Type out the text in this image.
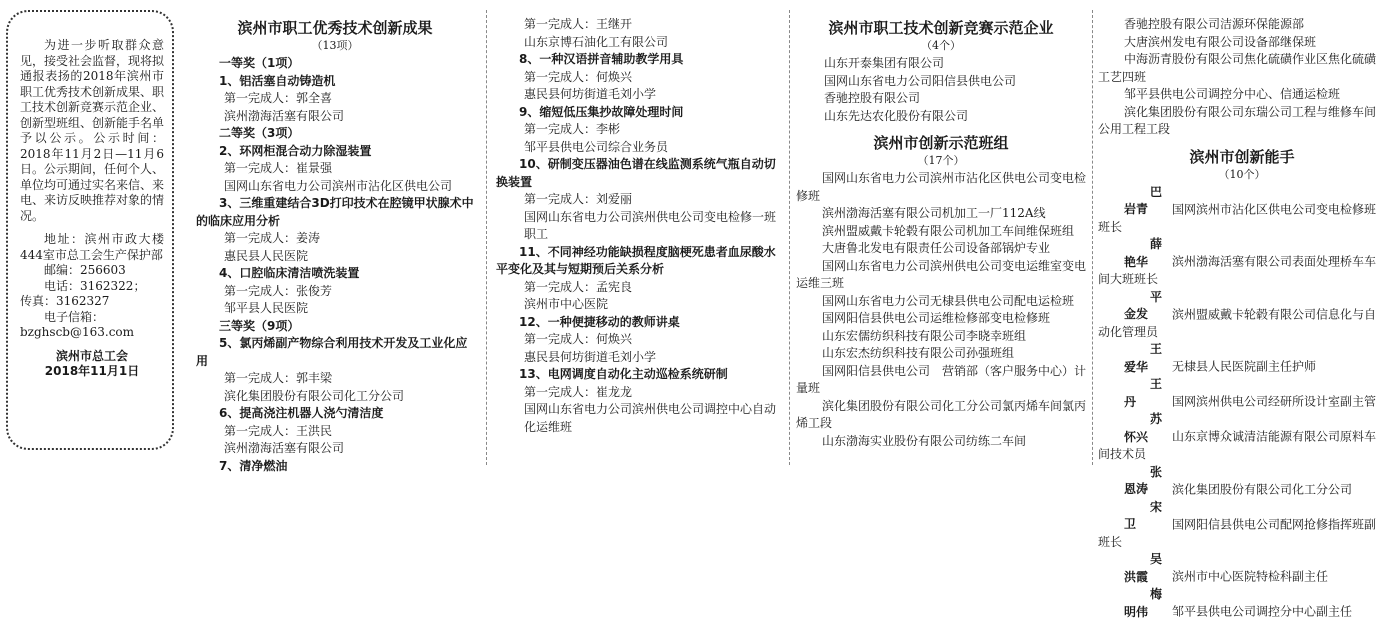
为进一步听取群众意见，接受社会监督，现将拟通报表扬的2018年滨州市职工优秀技术创新成果、职工技术创新竞赛示范企业、创新型班组、创新能手名单予以公示。公示时间：2018年11月2日—11月6日。公示期间，任何个人、单位均可通过实名来信、来电、来访反映推荐对象的情况。

地址：滨州市政大楼444室市总工会生产保护部

邮编：256603

电话：3162322；

传真：3162327

电子信箱：

bzghscb@163.com

滨州市总工会

2018年11月1日

滨州市职工优秀技术创新成果

（13项）

一等奖（1项）

1、铝活塞自动铸造机

第一完成人：郭全喜

滨州渤海活塞有限公司

二等奖（3项）

2、环网柜混合动力除湿装置

第一完成人：崔景强

国网山东省电力公司滨州市沾化区供电公司

3、三维重建结合3D打印技术在腔镜甲状腺术中的临床应用分析

第一完成人：姜涛

惠民县人民医院

4、口腔临床清洁喷洗装置

第一完成人：张俊芳

邹平县人民医院

三等奖（9项）

5、氯丙烯副产物综合利用技术开发及工业化应用

第一完成人：郭丰梁

滨化集团股份有限公司化工分公司

6、提高浇注机器人浇勺清洁度

第一完成人：王洪民

滨州渤海活塞有限公司

7、清净燃油

第一完成人：王继开

山东京博石油化工有限公司

8、一种汉语拼音辅助教学用具

第一完成人：何焕兴

惠民县何坊街道毛刘小学

9、缩短低压集抄故障处理时间

第一完成人：李彬

邹平县供电公司综合业务员

10、研制变压器油色谱在线监测系统气瓶自动切换装置

第一完成人：刘爱丽

国网山东省电力公司滨州供电公司变电检修一班职工

11、不同神经功能缺损程度脑梗死患者血尿酸水平变化及其与短期预后关系分析

第一完成人：孟宪良

滨州市中心医院

12、一种便捷移动的教师讲桌

第一完成人：何焕兴

惠民县何坊街道毛刘小学

13、电网调度自动化主动巡检系统研制

第一完成人：崔龙龙

国网山东省电力公司滨州供电公司调控中心自动化运维班

滨州市职工技术创新竞赛示范企业

（4个）

山东开泰集团有限公司

国网山东省电力公司阳信县供电公司

香驰控股有限公司

山东先达农化股份有限公司

滨州市创新示范班组

（17个）

国网山东省电力公司滨州市沾化区供电公司变电检修班

滨州渤海活塞有限公司机加工一厂112A线

滨州盟威戴卡轮毂有限公司机加工车间维保班组

大唐鲁北发电有限责任公司设备部锅炉专业

国网山东省电力公司滨州供电公司变电运维室变电运维三班

国网山东省电力公司无棣县供电公司配电运检班

国网阳信县供电公司运维检修部变电检修班

山东宏儒纺织科技有限公司李晓幸班组

山东宏杰纺织科技有限公司孙强班组

国网阳信县供电公司　营销部（客户服务中心）计量班

滨化集团股份有限公司化工分公司氯丙烯车间氯丙烯工段

山东渤海实业股份有限公司纺练二车间

香驰控股有限公司洁源环保能源部

大唐滨州发电有限公司设备部继保班

中海沥青股份有限公司焦化硫磺作业区焦化硫磺工艺四班

邹平县供电公司调控分中心、信通运检班

滨化集团股份有限公司东瑞公司工程与维修车间公用工程工段

滨州市创新能手

（10个）

巴岩青 国网滨州市沾化区供电公司变电检修班班长

薛艳华 滨州渤海活塞有限公司表面处理桥车车间大班班长

平金发 滨州盟威戴卡轮毂有限公司信息化与自动化管理员

王爱华 无棣县人民医院副主任护师

王　丹	国网滨州供电公司经研所设计室副主管

苏怀兴 山东京博众诚清洁能源有限公司原料车间技术员

张恩涛 滨化集团股份有限公司化工分公司

宋　卫	国网阳信县供电公司配网抢修指挥班副班长

吴洪霞 滨州市中心医院特检科副主任

梅明伟 邹平县供电公司调控分中心副主任
